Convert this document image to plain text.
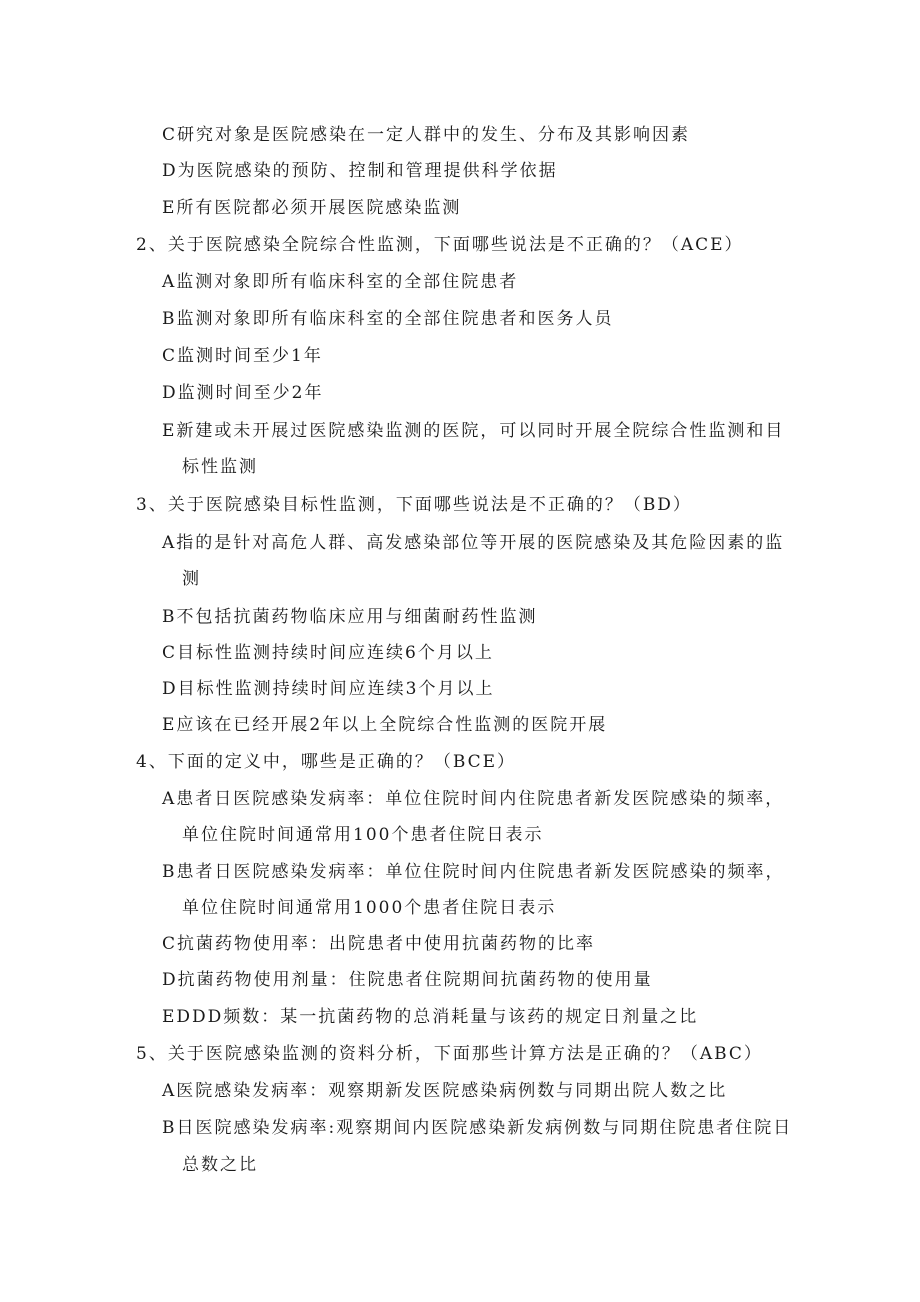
C研究对象是医院感染在一定人群中的发生、分布及其影响因素
D为医院感染的预防、控制和管理提供科学依据
E所有医院都必须开展医院感染监测
2、关于医院感染全院综合性监测，下面哪些说法是不正确的？（ACE）
A监测对象即所有临床科室的全部住院患者
B监测对象即所有临床科室的全部住院患者和医务人员
C监测时间至少1年
D监测时间至少2年
E新建或未开展过医院感染监测的医院，可以同时开展全院综合性监测和目
标性监测
3、关于医院感染目标性监测，下面哪些说法是不正确的？（BD）
A指的是针对高危人群、高发感染部位等开展的医院感染及其危险因素的监
测
B不包括抗菌药物临床应用与细菌耐药性监测
C目标性监测持续时间应连续6个月以上
D目标性监测持续时间应连续3个月以上
E应该在已经开展2年以上全院综合性监测的医院开展
4、下面的定义中，哪些是正确的？（BCE）
A患者日医院感染发病率：单位住院时间内住院患者新发医院感染的频率，
单位住院时间通常用100个患者住院日表示
B患者日医院感染发病率：单位住院时间内住院患者新发医院感染的频率，
单位住院时间通常用1000个患者住院日表示
C抗菌药物使用率：出院患者中使用抗菌药物的比率
D抗菌药物使用剂量：住院患者住院期间抗菌药物的使用量
EDDD频数：某一抗菌药物的总消耗量与该药的规定日剂量之比
5、关于医院感染监测的资料分析，下面那些计算方法是正确的？（ABC）
A医院感染发病率：观察期新发医院感染病例数与同期出院人数之比
B日医院感染发病率:观察期间内医院感染新发病例数与同期住院患者住院日
总数之比
